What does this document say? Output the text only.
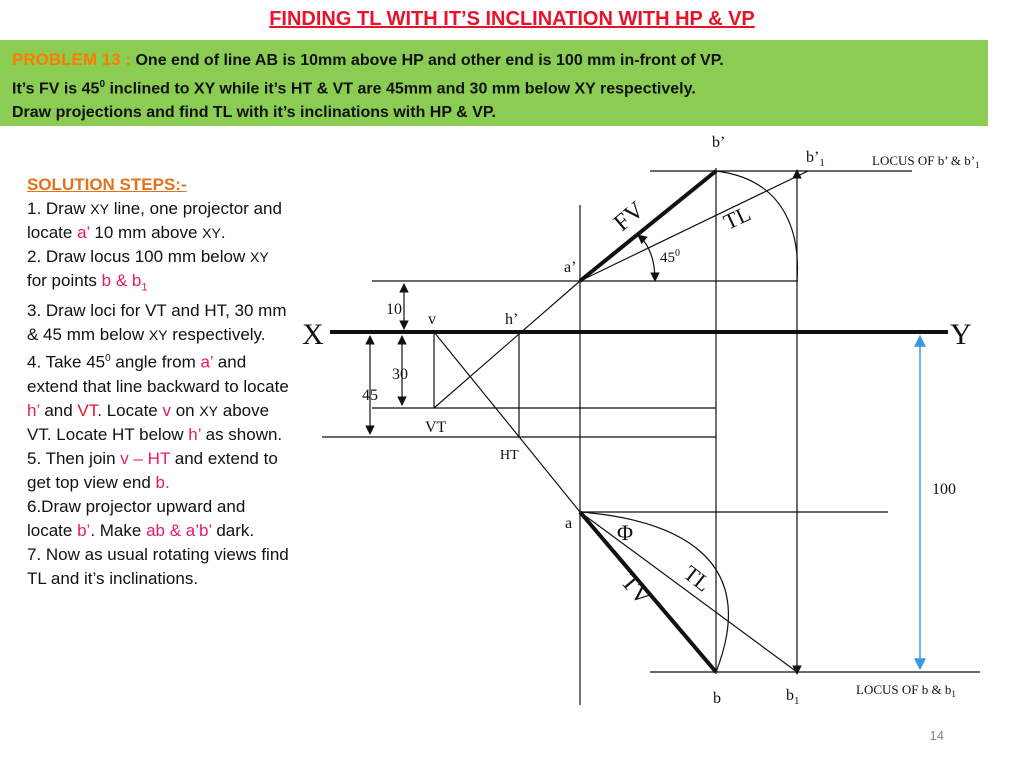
FINDING TL WITH IT’S INCLINATION WITH HP & VP
PROBLEM 13 : One end of line AB is 10mm above HP and other end is 100 mm in-front of VP.
It’s FV is $45^0$ inclined to XY while it’s HT & VT are 45mm and 30 mm below XY respectively.
Draw projections and find TL with it’s inclinations with HP & VP.
SOLUTION STEPS:-
1. Draw XY line, one projector and locate a’ 10 mm above XY.
2. Draw locus 100 mm below XY for points b & $b_1$
3. Draw loci for VT and HT, 30 mm & 45 mm below XY respectively.
4. Take $45^0$ angle from a’ and extend that line backward to locate h’ and VT. Locate v on XY above VT. Locate HT below h’ as shown.
5. Then join v – HT and extend to get top view end b.
6.Draw projector upward and locate b’. Make ab & a’b’ dark.
7. Now as usual rotating views find TL and it’s inclinations.
X	Y
b’
$b’_1$	LOCUS OF b’ & $b’_1$
a’
$45^0$
FV	TL
10
30
45
v	h’
VT
HT
a Φ
TL
TV
100
b	$b_1$
LOCUS OF b & $b_1$
14
